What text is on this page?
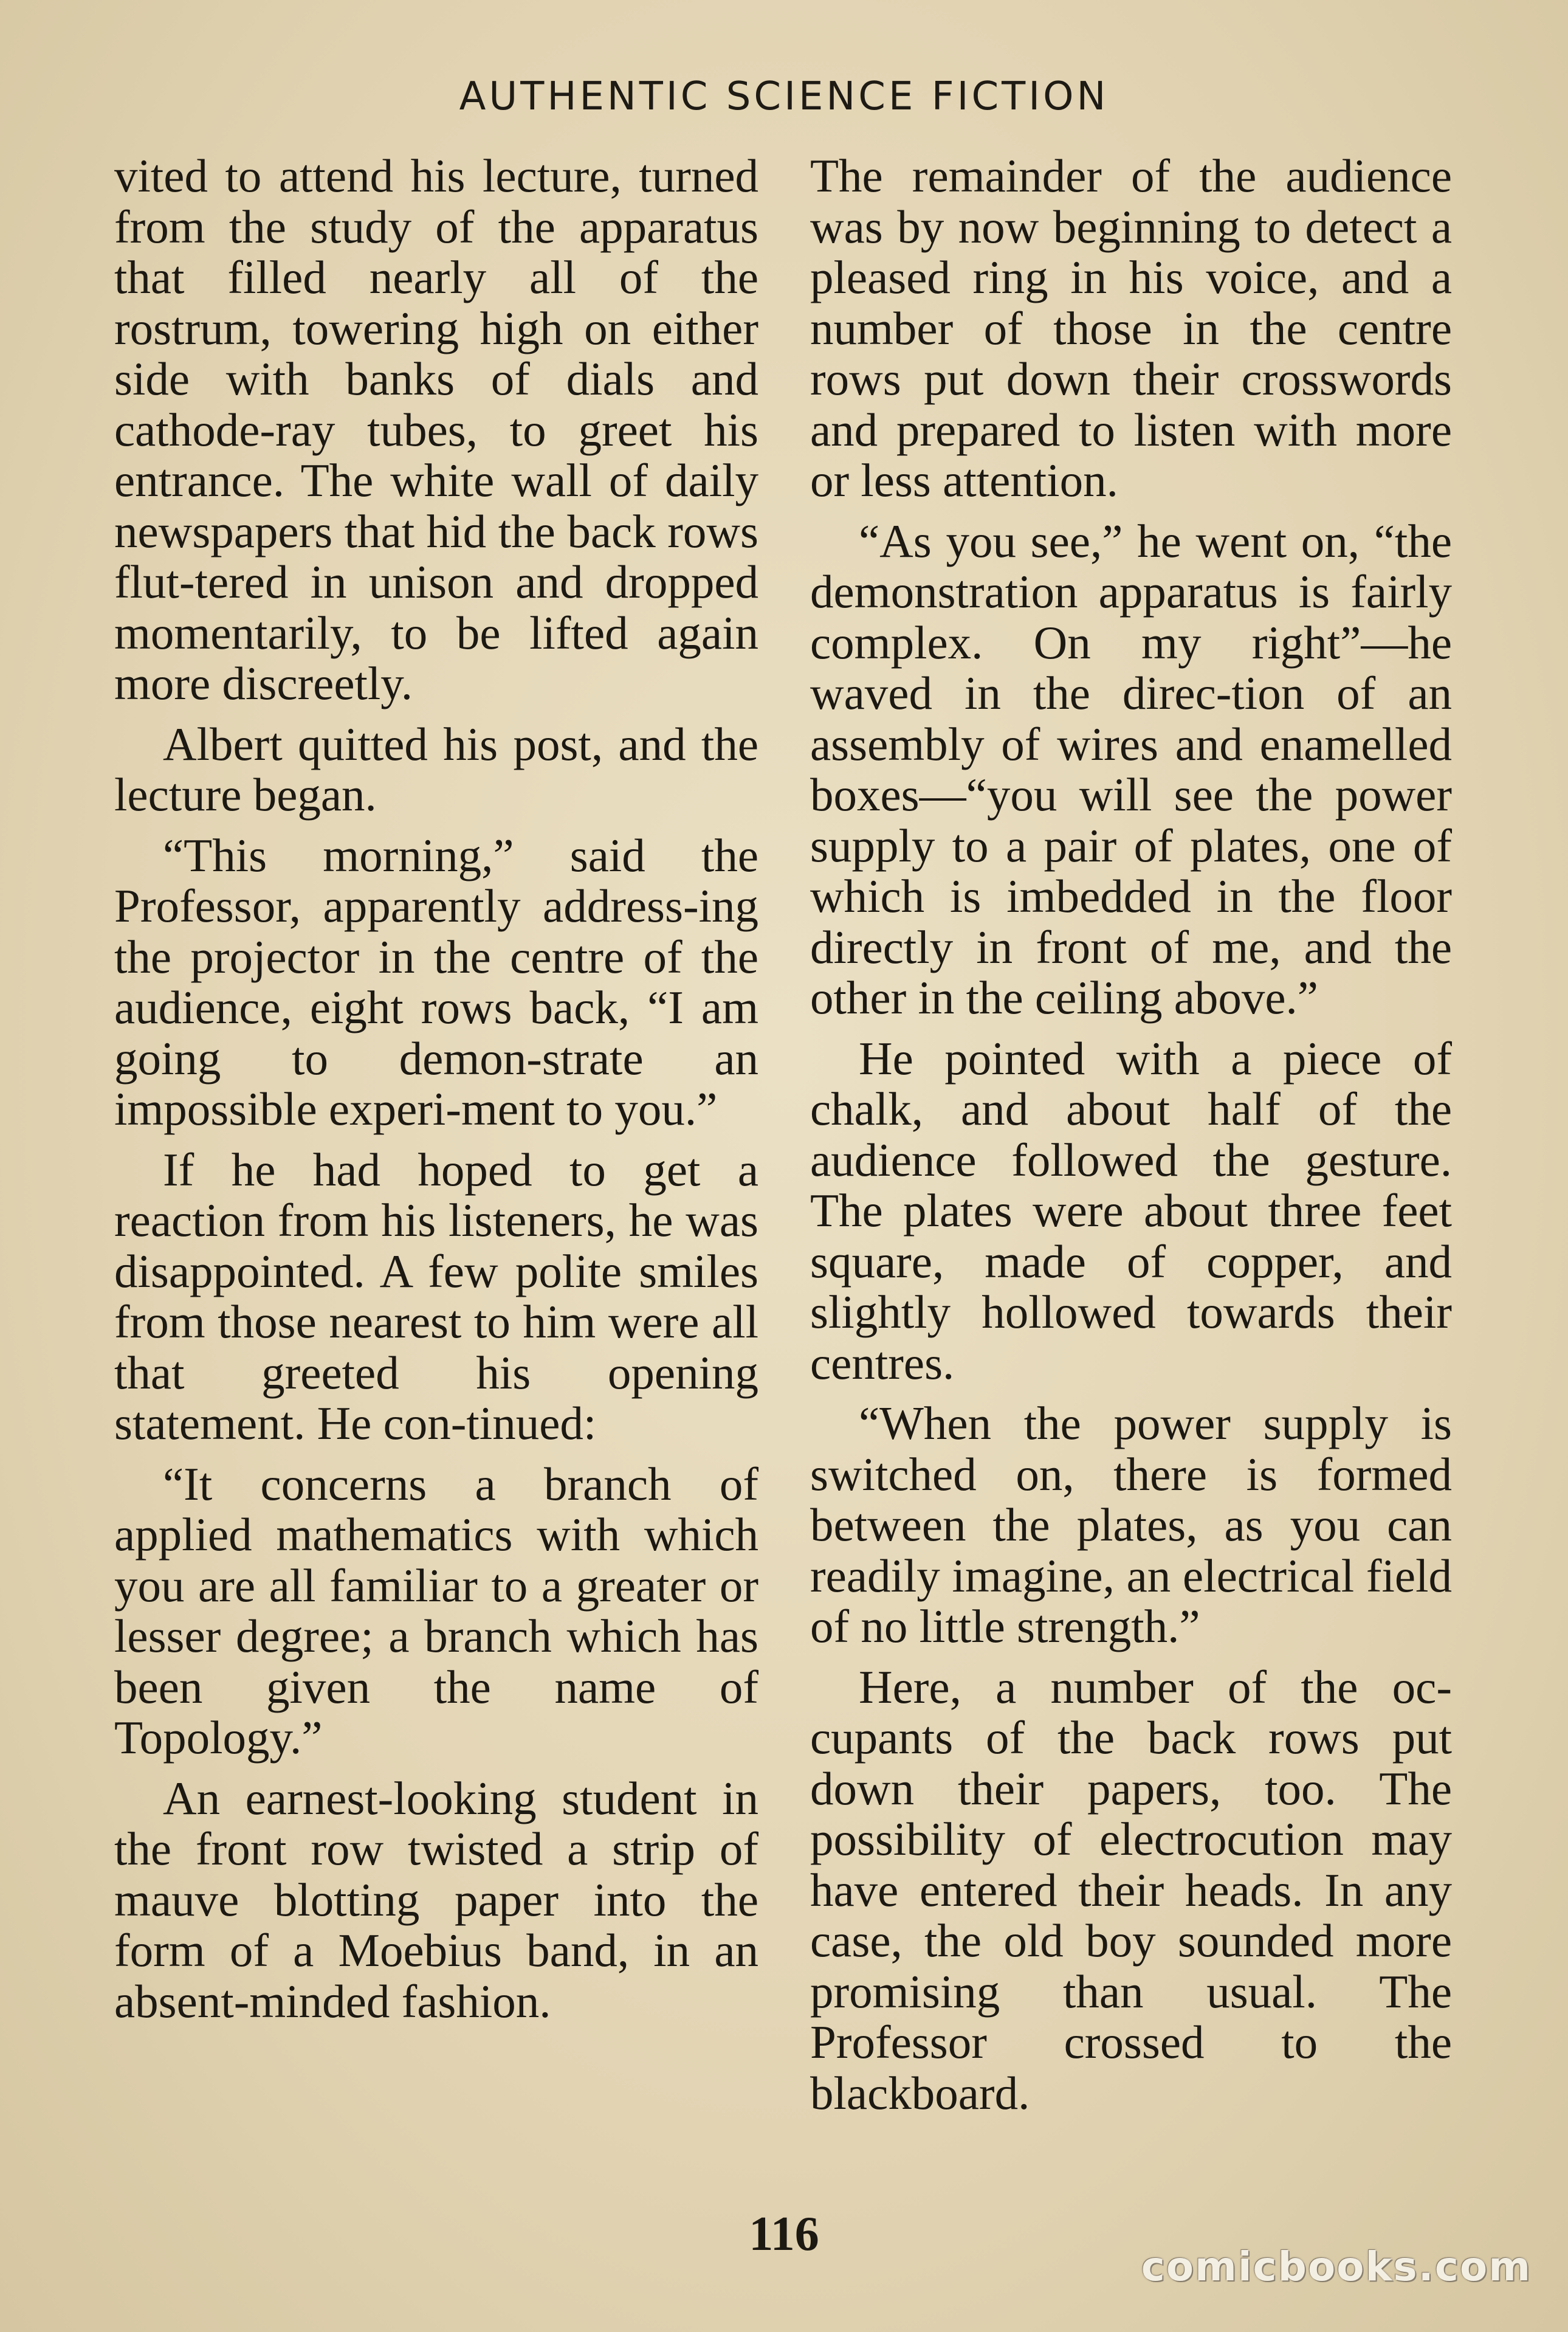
AUTHENTIC SCIENCE FICTION

vited to attend his lecture, turned from the study of the apparatus that filled nearly all of the rostrum, towering high on either side with banks of dials and cathode-ray tubes, to greet his entrance. The white wall of daily newspapers that hid the back rows flut-tered in unison and dropped momentarily, to be lifted again more discreetly.

Albert quitted his post, and the lecture began.

“This morning,” said the Professor, apparently address-ing the projector in the centre of the audience, eight rows back, “I am going to demon-strate an impossible experi-ment to you.”

If he had hoped to get a reaction from his listeners, he was disappointed. A few polite smiles from those nearest to him were all that greeted his opening statement. He con-tinued:

“It concerns a branch of applied mathematics with which you are all familiar to a greater or lesser degree; a branch which has been given the name of Topology.”

An earnest-looking student in the front row twisted a strip of mauve blotting paper into the form of a Moebius band, in an absent-minded fashion.

The remainder of the audience was by now beginning to detect a pleased ring in his voice, and a number of those in the centre rows put down their crosswords and prepared to listen with more or less attention.

“As you see,” he went on, “the demonstration apparatus is fairly complex. On my right”—he waved in the direc-tion of an assembly of wires and enamelled boxes—“you will see the power supply to a pair of plates, one of which is imbedded in the floor directly in front of me, and the other in the ceiling above.”

He pointed with a piece of chalk, and about half of the audience followed the gesture. The plates were about three feet square, made of copper, and slightly hollowed towards their centres.

“When the power supply is switched on, there is formed between the plates, as you can readily imagine, an electrical field of no little strength.”

Here, a number of the oc-cupants of the back rows put down their papers, too. The possibility of electrocution may have entered their heads. In any case, the old boy sounded more promising than usual. The Professor crossed to the blackboard.

116
comicbooks.com
